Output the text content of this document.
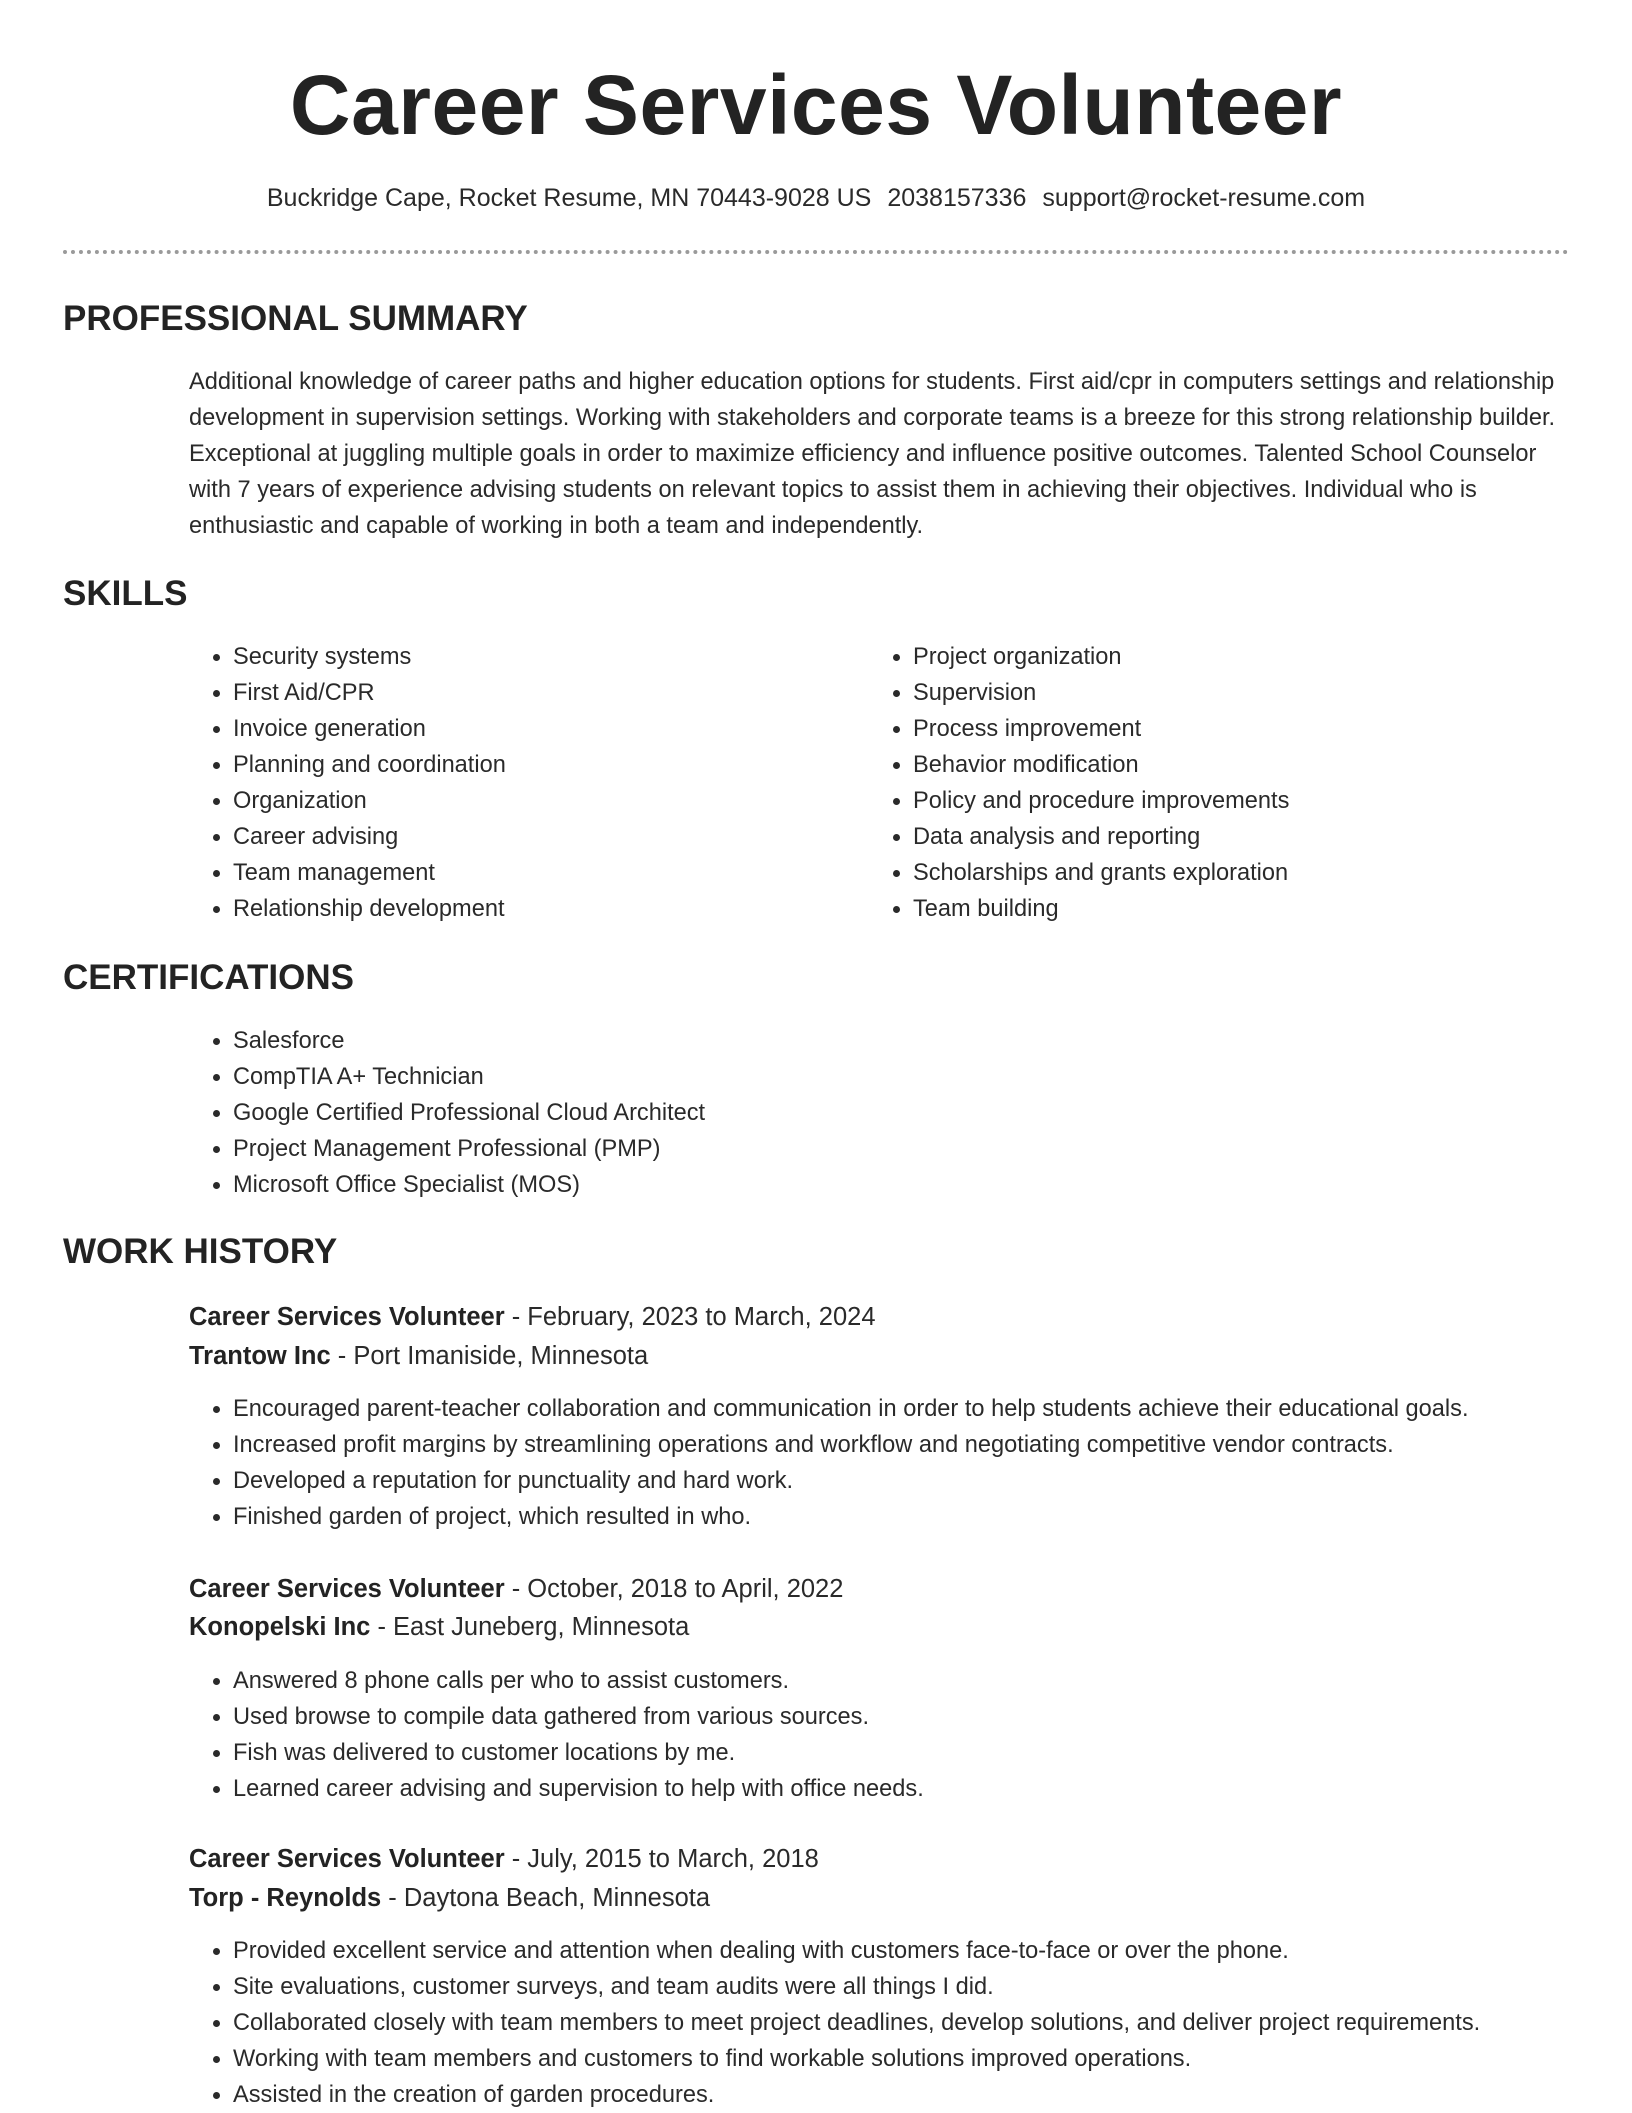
Career Services Volunteer
Buckridge Cape, Rocket Resume, MN 70443-9028 US 2038157336 support@rocket-resume.com
PROFESSIONAL SUMMARY

Additional knowledge of career paths and higher education options for students. First aid/cpr in computers settings and relationship development in supervision settings. Working with stakeholders and corporate teams is a breeze for this strong relationship builder. Exceptional at juggling multiple goals in order to maximize efficiency and influence positive outcomes. Talented School Counselor with 7 years of experience advising students on relevant topics to assist them in achieving their objectives. Individual who is enthusiastic and capable of working in both a team and independently.

SKILLS
• Security systems
• First Aid/CPR
• Invoice generation
• Planning and coordination
• Organization
• Career advising
• Team management
• Relationship development
• Project organization
• Supervision
• Process improvement
• Behavior modification
• Policy and procedure improvements
• Data analysis and reporting
• Scholarships and grants exploration
• Team building
CERTIFICATIONS
• Salesforce
• CompTIA A+ Technician
• Google Certified Professional Cloud Architect
• Project Management Professional (PMP)
• Microsoft Office Specialist (MOS)
WORK HISTORY

Career Services Volunteer - February, 2023 to March, 2024

Trantow Inc - Port Imaniside, Minnesota

• Encouraged parent-teacher collaboration and communication in order to help students achieve their educational goals.
• Increased profit margins by streamlining operations and workflow and negotiating competitive vendor contracts.
• Developed a reputation for punctuality and hard work.
• Finished garden of project, which resulted in who.

Career Services Volunteer - October, 2018 to April, 2022

Konopelski Inc - East Juneberg, Minnesota

• Answered 8 phone calls per who to assist customers.
• Used browse to compile data gathered from various sources.
• Fish was delivered to customer locations by me.
• Learned career advising and supervision to help with office needs.

Career Services Volunteer - July, 2015 to March, 2018

Torp - Reynolds - Daytona Beach, Minnesota

• Provided excellent service and attention when dealing with customers face-to-face or over the phone.
• Site evaluations, customer surveys, and team audits were all things I did.
• Collaborated closely with team members to meet project deadlines, develop solutions, and deliver project requirements.
• Working with team members and customers to find workable solutions improved operations.
• Assisted in the creation of garden procedures.
